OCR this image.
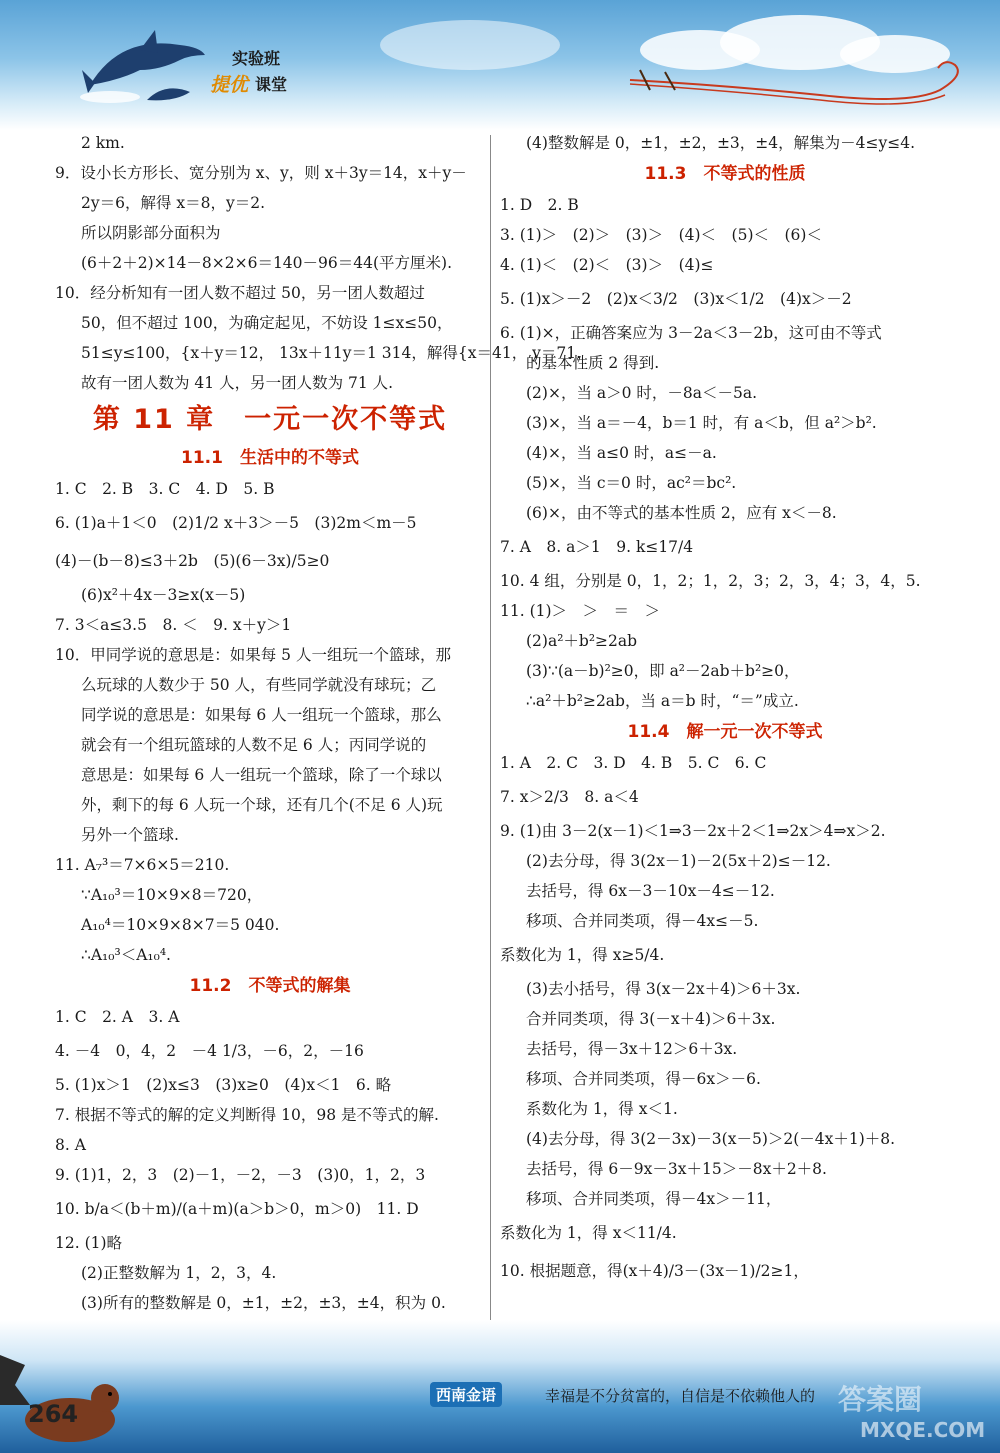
实验班
提优 课堂
2 km.
9．设小长方形长、宽分别为 x、y，则 x＋3y＝14，x＋y－
2y＝6，解得 x＝8，y＝2.
所以阴影部分面积为
(6＋2＋2)×14－8×2×6＝140－96＝44(平方厘米).
10．经分析知有一团人数不超过 50，另一团人数超过
50，但不超过 100，为确定起见，不妨设 1≤x≤50，
51≤y≤100，{x＋y＝12， 13x＋11y＝1 314，解得{x＝41， y＝71.
故有一团人数为 41 人，另一团人数为 71 人.
第 11 章　一元一次不等式
11.1　生活中的不等式
1. C　2. B　3. C　4. D　5. B
6. (1)a＋1＜0　(2)1/2 x＋3＞－5　(3)2m＜m－5
(4)－(b－8)≤3＋2b　(5)(6－3x)/5≥0
(6)x²＋4x－3≥x(x－5)
7. 3＜a≤3.5　8. ＜　9. x＋y＞1
10．甲同学说的意思是：如果每 5 人一组玩一个篮球，那
么玩球的人数少于 50 人，有些同学就没有球玩；乙
同学说的意思是：如果每 6 人一组玩一个篮球，那么
就会有一个组玩篮球的人数不足 6 人；丙同学说的
意思是：如果每 6 人一组玩一个篮球，除了一个球以
外，剩下的每 6 人玩一个球，还有几个(不足 6 人)玩
另外一个篮球.
11. A₇³＝7×6×5＝210.
∵A₁₀³＝10×9×8＝720，
A₁₀⁴＝10×9×8×7＝5 040.
∴A₁₀³＜A₁₀⁴.
11.2　不等式的解集
1. C　2. A　3. A
4. －4　0，4，2　－4 1/3，－6，2，－16
5. (1)x＞1　(2)x≤3　(3)x≥0　(4)x＜1　6. 略
7. 根据不等式的解的定义判断得 10，98 是不等式的解.
8. A
9. (1)1，2，3　(2)－1，－2，－3　(3)0，1，2，3
10. b/a＜(b＋m)/(a＋m)(a＞b＞0，m＞0)　11. D
12. (1)略
(2)正整数解为 1，2，3，4.
(3)所有的整数解是 0，±1，±2，±3，±4，积为 0.
(4)整数解是 0，±1，±2，±3，±4，解集为－4≤y≤4.
11.3　不等式的性质
1. D　2. B
3. (1)＞　(2)＞　(3)＞　(4)＜　(5)＜　(6)＜
4. (1)＜　(2)＜　(3)＞　(4)≤
5. (1)x＞－2　(2)x＜3/2　(3)x＜1/2　(4)x＞－2
6. (1)×，正确答案应为 3－2a＜3－2b，这可由不等式
的基本性质 2 得到.
(2)×，当 a＞0 时，－8a＜－5a.
(3)×，当 a＝－4，b＝1 时，有 a＜b，但 a²＞b².
(4)×，当 a≤0 时，a≤－a.
(5)×，当 c＝0 时，ac²＝bc².
(6)×，由不等式的基本性质 2，应有 x＜－8.
7. A　8. a＞1　9. k≤17/4
10. 4 组，分别是 0，1，2；1，2，3；2，3，4；3，4，5.
11. (1)＞　＞　＝　＞
(2)a²＋b²≥2ab
(3)∵(a－b)²≥0，即 a²－2ab＋b²≥0，
∴a²＋b²≥2ab，当 a＝b 时，“＝”成立.
11.4　解一元一次不等式
1. A　2. C　3. D　4. B　5. C　6. C
7. x＞2/3　8. a＜4
9. (1)由 3－2(x－1)＜1⇒3－2x＋2＜1⇒2x＞4⇒x＞2.
(2)去分母，得 3(2x－1)－2(5x＋2)≤－12.
去括号，得 6x－3－10x－4≤－12.
移项、合并同类项，得－4x≤－5.
系数化为 1，得 x≥5/4.
(3)去小括号，得 3(x－2x＋4)＞6＋3x.
合并同类项，得 3(－x＋4)＞6＋3x.
去括号，得－3x＋12＞6＋3x.
移项、合并同类项，得－6x＞－6.
系数化为 1，得 x＜1.
(4)去分母，得 3(2－3x)－3(x－5)＞2(－4x＋1)＋8.
去括号，得 6－9x－3x＋15＞－8x＋2＋8.
移项、合并同类项，得－4x＞－11，
系数化为 1，得 x＜11/4.
10. 根据题意，得(x＋4)/3－(3x－1)/2≥1，
264
西南金语	幸福是不分贫富的，自信是不依赖他人的 答案圈
MXQE.COM
